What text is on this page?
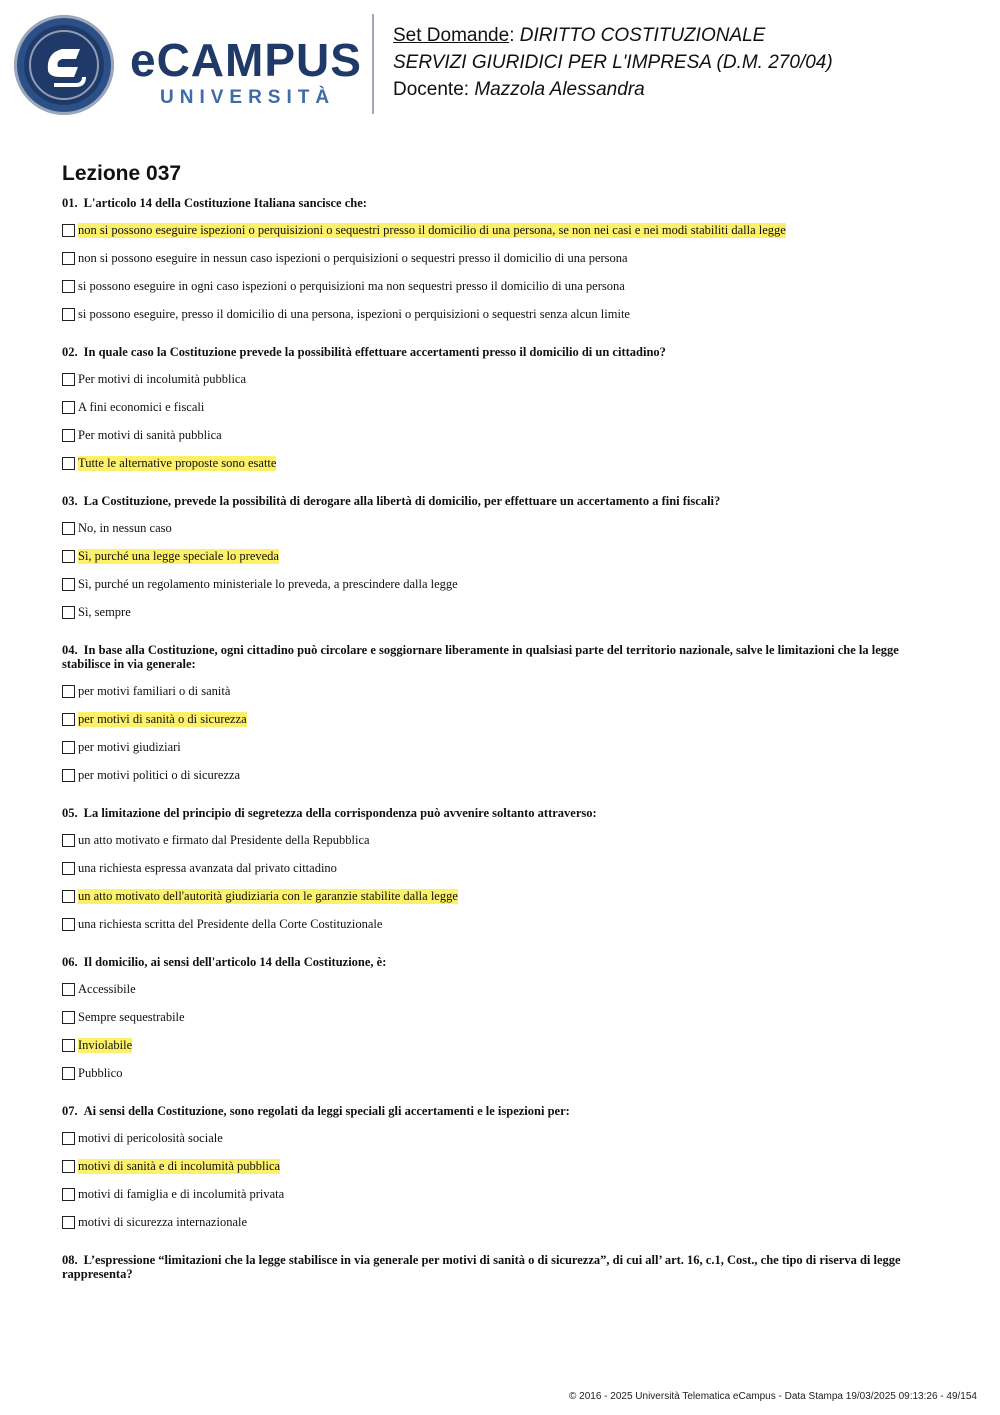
eCAMPUS
UNIVERSITÀ
Set Domande: DIRITTO COSTITUZIONALE
SERVIZI GIURIDICI PER L'IMPRESA (D.M. 270/04)
Docente: Mazzola Alessandra
Lezione 037
01. L'articolo 14 della Costituzione Italiana sancisce che:
non si possono eseguire ispezioni o perquisizioni o sequestri presso il domicilio di una persona, se non nei casi e nei modi stabiliti dalla legge
non si possono eseguire in nessun caso ispezioni o perquisizioni o sequestri presso il domicilio di una persona
si possono eseguire in ogni caso ispezioni o perquisizioni ma non sequestri presso il domicilio di una persona
si possono eseguire, presso il domicilio di una persona, ispezioni o perquisizioni o sequestri senza alcun limite
02. In quale caso la Costituzione prevede la possibilità effettuare accertamenti presso il domicilio di un cittadino?
Per motivi di incolumità pubblica
A fini economici e fiscali
Per motivi di sanità pubblica
Tutte le alternative proposte sono esatte
03. La Costituzione, prevede la possibilità di derogare alla libertà di domicilio, per effettuare un accertamento a fini fiscali?
No, in nessun caso
Sì, purché una legge speciale lo preveda
Sì, purché un regolamento ministeriale lo preveda, a prescindere dalla legge
Sì, sempre
04. In base alla Costituzione, ogni cittadino può circolare e soggiornare liberamente in qualsiasi parte del territorio nazionale, salve le limitazioni che la legge stabilisce in via generale:
per motivi familiari o di sanità
per motivi di sanità o di sicurezza
per motivi giudiziari
per motivi politici o di sicurezza
05. La limitazione del principio di segretezza della corrispondenza può avvenire soltanto attraverso:
un atto motivato e firmato dal Presidente della Repubblica
una richiesta espressa avanzata dal privato cittadino
un atto motivato dell'autorità giudiziaria con le garanzie stabilite dalla legge
una richiesta scritta del Presidente della Corte Costituzionale
06. Il domicilio, ai sensi dell'articolo 14 della Costituzione, è:
Accessibile
Sempre sequestrabile
Inviolabile
Pubblico
07. Ai sensi della Costituzione, sono regolati da leggi speciali gli accertamenti e le ispezioni per:
motivi di pericolosità sociale
motivi di sanità e di incolumità pubblica
motivi di famiglia e di incolumità privata
motivi di sicurezza internazionale
08. L’espressione “limitazioni che la legge stabilisce in via generale per motivi di sanità o di sicurezza”, di cui all’ art. 16, c.1, Cost., che tipo di riserva di legge rappresenta?
© 2016 - 2025 Università Telematica eCampus - Data Stampa 19/03/2025 09:13:26 - 49/154
